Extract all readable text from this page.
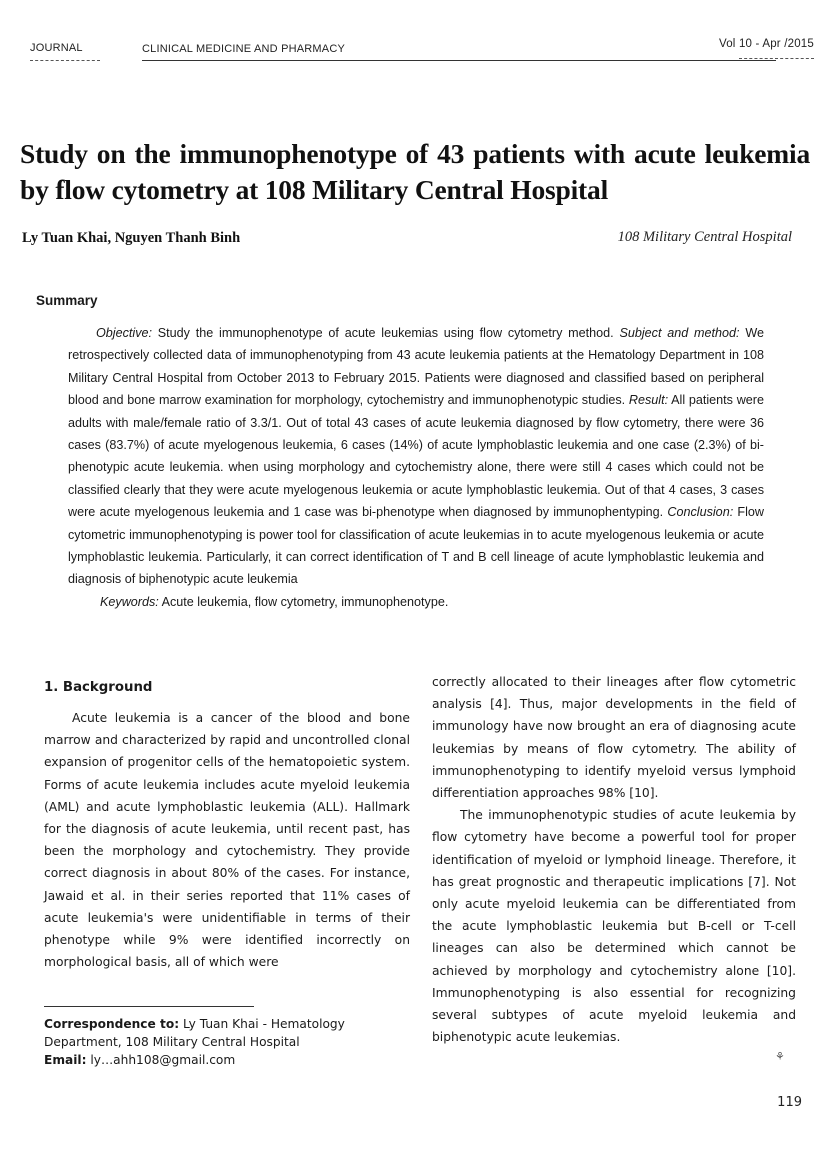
JOURNAL	CLINICAL MEDICINE AND PHARMACY	Vol 10 - Apr /2015
Study on the immunophenotype of 43 patients with acute leukemia by flow cytometry at 108 Military Central Hospital
Ly Tuan Khai, Nguyen Thanh Binh	108 Military Central Hospital
Summary

Objective: Study the immunophenotype of acute leukemias using flow cytometry method. Subject and method: We retrospectively collected data of immunophenotyping from 43 acute leukemia patients at the Hematology Department in 108 Military Central Hospital from October 2013 to February 2015. Patients were diagnosed and classified based on peripheral blood and bone marrow examination for morphology, cytochemistry and immunophenotypic studies. Result: All patients were adults with male/female ratio of 3.3/1. Out of total 43 cases of acute leukemia diagnosed by flow cytometry, there were 36 cases (83.7%) of acute myelogenous leukemia, 6 cases (14%) of acute lymphoblastic leukemia and one case (2.3%) of bi-phenotypic acute leukemia. when using morphology and cytochemistry alone, there were still 4 cases which could not be classified clearly that they were acute myelogenous leukemia or acute lymphoblastic leukemia. Out of that 4 cases, 3 cases were acute myelogenous leukemia and 1 case was bi-phenotype when diagnosed by immunophentyping. Conclusion: Flow cytometric immunophenotyping is power tool for classification of acute leukemias in to acute myelogenous leukemia or acute lymphoblastic leukemia. Particularly, it can correct identification of T and B cell lineage of acute lymphoblastic leukemia and diagnosis of biphenotypic acute leukemia

Keywords: Acute leukemia, flow cytometry, immunophenotype.

1. Background

Acute leukemia is a cancer of the blood and bone marrow and characterized by rapid and uncontrolled clonal expansion of progenitor cells of the hematopoietic system. Forms of acute leukemia includes acute myeloid leukemia (AML) and acute lymphoblastic leukemia (ALL). Hallmark for the diagnosis of acute leukemia, until recent past, has been the morphology and cytochemistry. They provide correct diagnosis in about 80% of the cases. For instance, Jawaid et al. in their series reported that 11% cases of acute leukemia's were unidentifiable in terms of their phenotype while 9% were identified incorrectly on morphological basis, all of which were

correctly allocated to their lineages after flow cytometric analysis [4]. Thus, major developments in the field of immunology have now brought an era of diagnosing acute leukemias by means of flow cytometry. The ability of immunophenotyping to identify myeloid versus lymphoid differentiation approaches 98% [10].

The immunophenotypic studies of acute leukemia by flow cytometry have become a powerful tool for proper identification of myeloid or lymphoid lineage. Therefore, it has great prognostic and therapeutic implications [7]. Not only acute myeloid leukemia can be differentiated from the acute lymphoblastic leukemia but B-cell or T-cell lineages can also be determined which cannot be achieved by morphology and cytochemistry alone [10]. Immunophenotyping is also essential for recognizing several subtypes of acute myeloid leukemia and biphenotypic acute leukemias.

Correspondence to: Ly Tuan Khai - Hematology Department, 108 Military Central Hospital

Email: ly…ahh108@gmail.com	⚘
119
